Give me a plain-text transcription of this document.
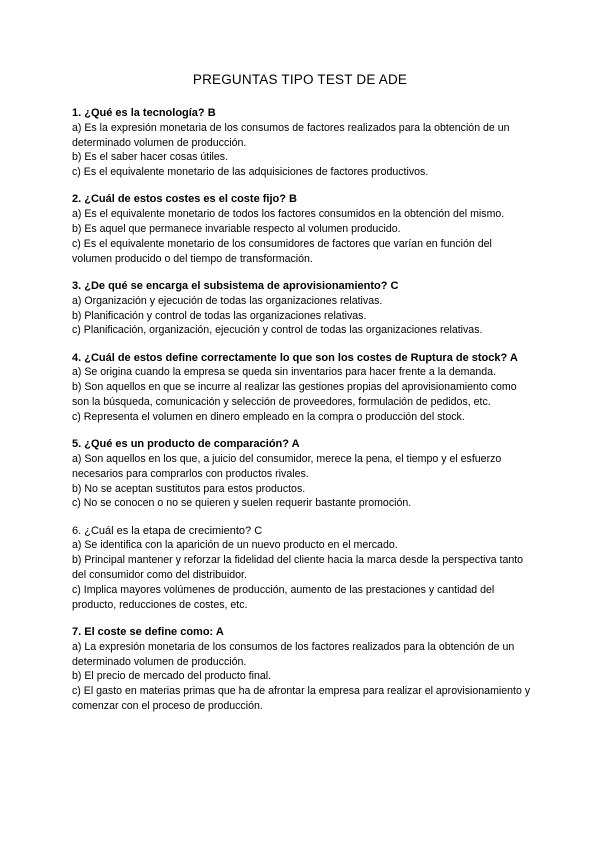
PREGUNTAS TIPO TEST DE ADE
1. ¿Qué es la tecnología? B
a) Es la expresión monetaria de los consumos de factores realizados para la obtención de un determinado volumen de producción.
b) Es el saber hacer cosas útiles.
c) Es el equivalente monetario de las adquisiciones de factores productivos.
2. ¿Cuál de estos costes es el coste fijo? B
a) Es el equivalente monetario de todos los factores consumidos en la obtención del mismo.
b) Es aquel que permanece invariable respecto al volumen producido.
c) Es el equivalente monetario de los consumidores de factores que varían en función del volumen producido o del tiempo de transformación.
3. ¿De qué se encarga el subsistema de aprovisionamiento? C
a) Organización y ejecución de todas las organizaciones relativas.
b) Planificación y control de todas las organizaciones relativas.
c) Planificación, organización, ejecución y control de todas las organizaciones relativas.
4. ¿Cuál de estos define correctamente lo que son los costes de Ruptura de stock? A
a) Se origina cuando la empresa se queda sin inventarios para hacer frente a la demanda.
b) Son aquellos en que se incurre al realizar las gestiones propias del aprovisionamiento como son la búsqueda, comunicación y selección de proveedores, formulación de pedidos, etc.
c) Representa el volumen en dinero empleado en la compra o producción del stock.
5. ¿Qué es un producto de comparación? A
a) Son aquellos en los que, a juicio del consumidor, merece la pena, el tiempo y el esfuerzo necesarios para comprarlos con productos rivales.
b) No se aceptan sustitutos para estos productos.
c) No se conocen o no se quieren y suelen requerir bastante promoción.
6. ¿Cuál es la etapa de crecimiento? C
a) Se identifica con la aparición de un nuevo producto en el mercado.
b) Principal mantener y reforzar la fidelidad del cliente hacia la marca desde la perspectiva tanto del consumidor como del distribuidor.
c) Implica mayores volúmenes de producción, aumento de las prestaciones y cantidad del producto, reducciones de costes, etc.
7. El coste se define como: A
a) La expresión monetaria de los consumos de los factores realizados para la obtención de un determinado volumen de producción.
b) El precio de mercado del producto final.
c) El gasto en materias primas que ha de afrontar la empresa para realizar el aprovisionamiento y comenzar con el proceso de producción.
